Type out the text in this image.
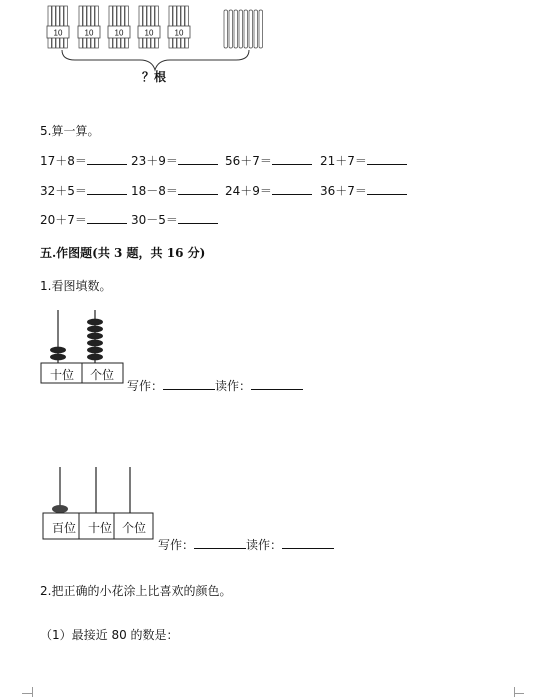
10	10	10	10	10
？根
5.算一算。
17＋8＝	23＋9＝	56＋7＝	21＋7＝
32＋5＝	18－8＝	24＋9＝	36＋7＝
20＋7＝	30－5＝
五.作图题(共 3 题，共 16 分)
1.看图填数。
十位 个位
写作：	读作：
百位 十位 个位
写作：	读作：
2.把正确的小花涂上比喜欢的颜色。
（1）最接近 80 的数是：
